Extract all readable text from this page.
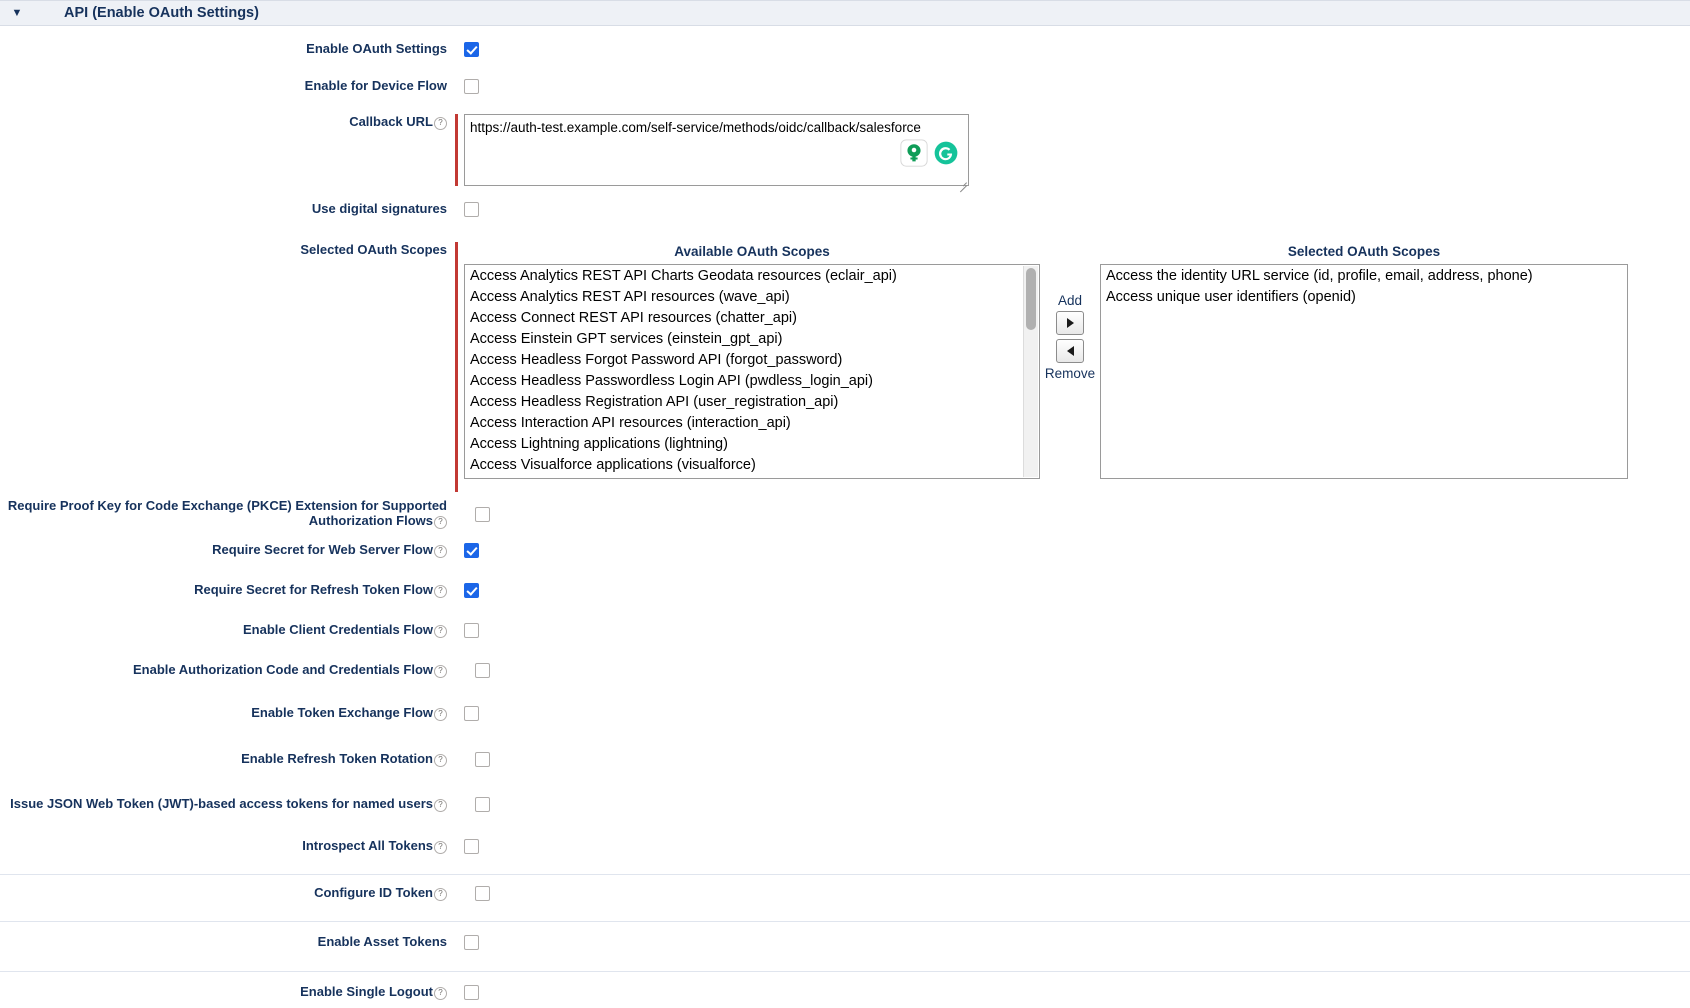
▼	API (Enable OAuth Settings)
Enable OAuth Settings
Enable for Device Flow
Callback URL ?
https://auth-test.example.com/self-service/methods/oidc/callback/salesforce
Use digital signatures
Selected OAuth Scopes	Available OAuth Scopes
Access Analytics REST API Charts Geodata resources (eclair_api)
Access Analytics REST API resources (wave_api)
Access Connect REST API resources (chatter_api)
Access Einstein GPT services (einstein_gpt_api)
Access Headless Forgot Password API (forgot_password)
Access Headless Passwordless Login API (pwdless_login_api)
Access Headless Registration API (user_registration_api)
Access Interaction API resources (interaction_api)
Access Lightning applications (lightning)
Access Visualforce applications (visualforce)
Add
Remove
Selected OAuth Scopes
Access the identity URL service (id, profile, email, address, phone)
Access unique user identifiers (openid)
Require Proof Key for Code Exchange (PKCE) Extension for Supported Authorization Flows ?
Require Secret for Web Server Flow ?
Require Secret for Refresh Token Flow ?
Enable Client Credentials Flow ?
Enable Authorization Code and Credentials Flow ?
Enable Token Exchange Flow ?
Enable Refresh Token Rotation ?
Issue JSON Web Token (JWT)-based access tokens for named users ?
Introspect All Tokens ?
Configure ID Token ?
Enable Asset Tokens
Enable Single Logout ?
